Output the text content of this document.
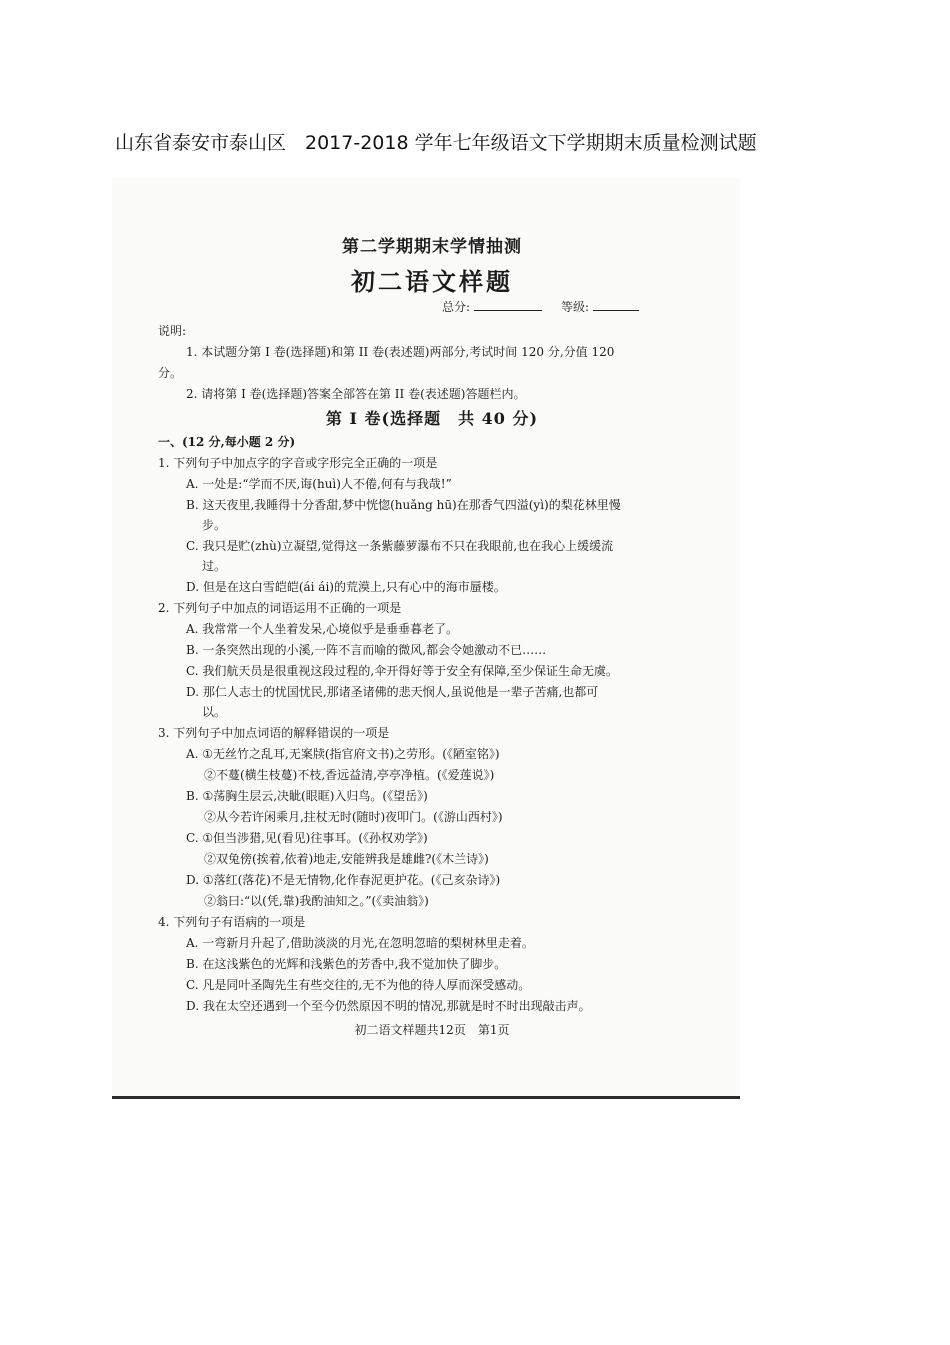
山东省泰安市泰山区　2017-2018 学年七年级语文下学期期末质量检测试题
第二学期期末学情抽测
初二语文样题
总分:	等级:
说明:
1. 本试题分第 I 卷(选择题)和第 II 卷(表述题)两部分,考试时间 120 分,分值 120
分。
2. 请将第 I 卷(选择题)答案全部答在第 II 卷(表述题)答题栏内。
第 I 卷(选择题　共 40 分)
一、(12 分,每小题 2 分)
1. 下列句子中加点字的字音或字形完全正确的一项是
A. 一处是:“学而不厌,诲(huì)人不倦,何有与我哉!”
B. 这天夜里,我睡得十分香甜,梦中恍惚(huǎng hū)在那香气四溢(yì)的梨花林里慢
步。
C. 我只是贮(zhù)立凝望,觉得这一条紫藤萝瀑布不只在我眼前,也在我心上缓缓流
过。
D. 但是在这白雪皑皑(ái ái)的荒漠上,只有心中的海市蜃楼。
2. 下列句子中加点的词语运用不正确的一项是
A. 我常常一个人坐着发呆,心境似乎是垂垂暮老了。
B. 一条突然出现的小溪,一阵不言而喻的微风,都会令她激动不已……
C. 我们航天员是很重视这段过程的,伞开得好等于安全有保障,至少保证生命无虞。
D. 那仁人志士的忧国忧民,那诸圣诸佛的悲天悯人,虽说他是一辈子苦痛,也都可
以。
3. 下列句子中加点词语的解释错误的一项是
A. ①无丝竹之乱耳,无案牍(指官府文书)之劳形。(《陋室铭》)
②不蔓(横生枝蔓)不枝,香远益清,亭亭净植。(《爱莲说》)
B. ①荡胸生层云,决眦(眼眶)入归鸟。(《望岳》)
②从今若许闲乘月,拄杖无时(随时)夜叩门。(《游山西村》)
C. ①但当涉猎,见(看见)往事耳。(《孙权劝学》)
②双兔傍(挨着,依着)地走,安能辨我是雄雌?(《木兰诗》)
D. ①落红(落花)不是无情物,化作春泥更护花。(《己亥杂诗》)
②翁曰:“以(凭,靠)我酌油知之。”(《卖油翁》)
4. 下列句子有语病的一项是
A. 一弯新月升起了,借助淡淡的月光,在忽明忽暗的梨树林里走着。
B. 在这浅紫色的光辉和浅紫色的芳香中,我不觉加快了脚步。
C. 凡是同叶圣陶先生有些交往的,无不为他的待人厚而深受感动。
D. 我在太空还遇到一个至今仍然原因不明的情况,那就是时不时出现敲击声。
初二语文样题共12页　第1页
